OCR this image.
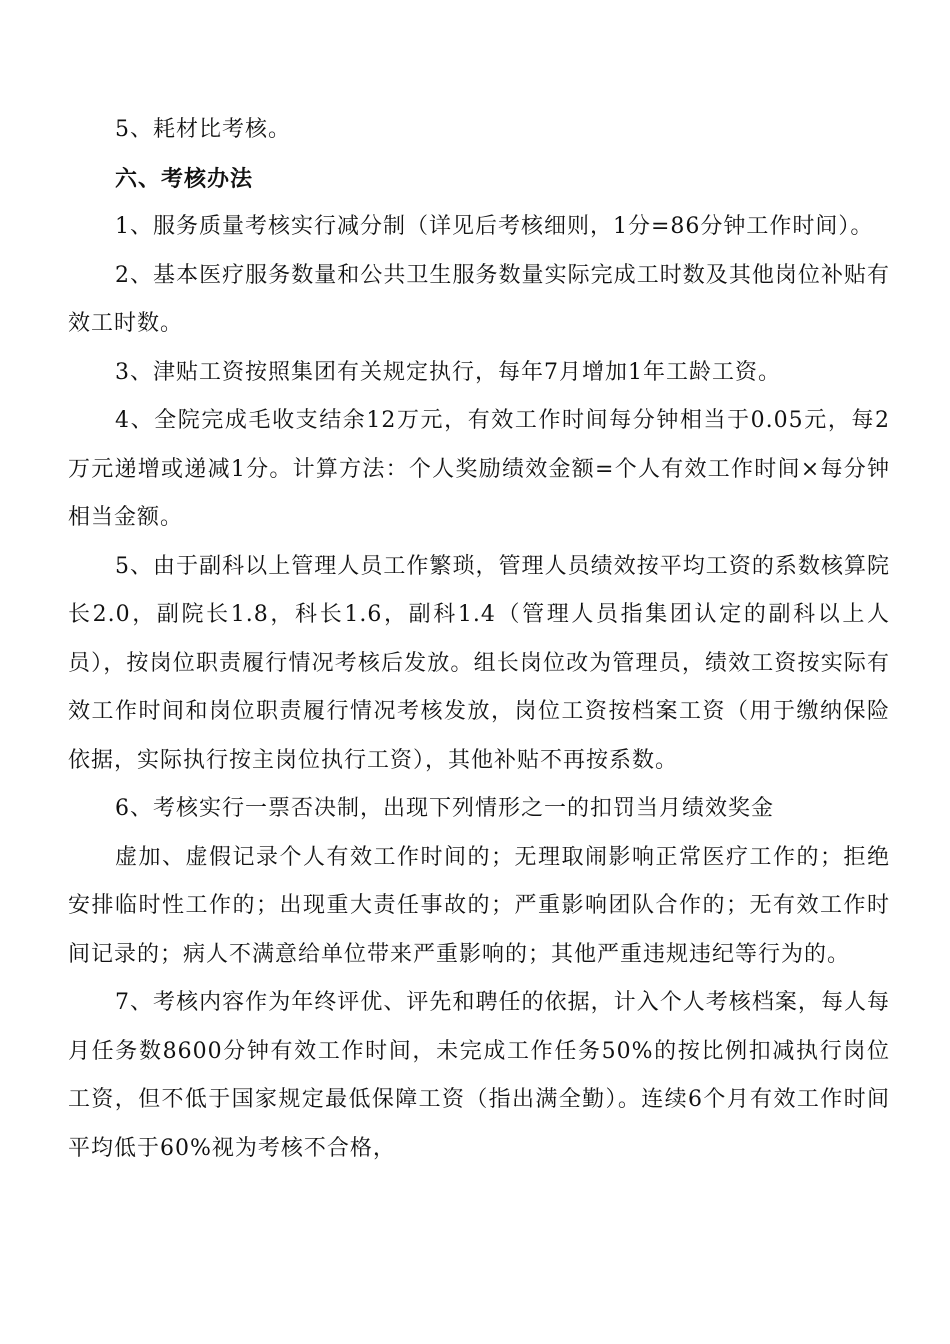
5、耗材比考核。

六、考核办法

1、服务质量考核实行减分制（详见后考核细则，1分=86分钟工作时间）。

2、基本医疗服务数量和公共卫生服务数量实际完成工时数及其他岗位补贴有效工时数。

3、津贴工资按照集团有关规定执行，每年7月增加1年工龄工资。

4、全院完成毛收支结余12万元，有效工作时间每分钟相当于0.05元，每2万元递增或递减1分。计算方法：个人奖励绩效金额=个人有效工作时间×每分钟相当金额。

5、由于副科以上管理人员工作繁琐，管理人员绩效按平均工资的系数核算院长2.0，副院长1.8，科长1.6，副科1.4（管理人员指集团认定的副科以上人员），按岗位职责履行情况考核后发放。组长岗位改为管理员，绩效工资按实际有效工作时间和岗位职责履行情况考核发放，岗位工资按档案工资（用于缴纳保险依据，实际执行按主岗位执行工资），其他补贴不再按系数。

6、考核实行一票否决制，出现下列情形之一的扣罚当月绩效奖金

虚加、虚假记录个人有效工作时间的；无理取闹影响正常医疗工作的；拒绝安排临时性工作的；出现重大责任事故的；严重影响团队合作的；无有效工作时间记录的；病人不满意给单位带来严重影响的；其他严重违规违纪等行为的。

7、考核内容作为年终评优、评先和聘任的依据，计入个人考核档案，每人每月任务数8600分钟有效工作时间，未完成工作任务50%的按比例扣减执行岗位工资，但不低于国家规定最低保障工资（指出满全勤）。连续6个月有效工作时间平均低于60%视为考核不合格，
